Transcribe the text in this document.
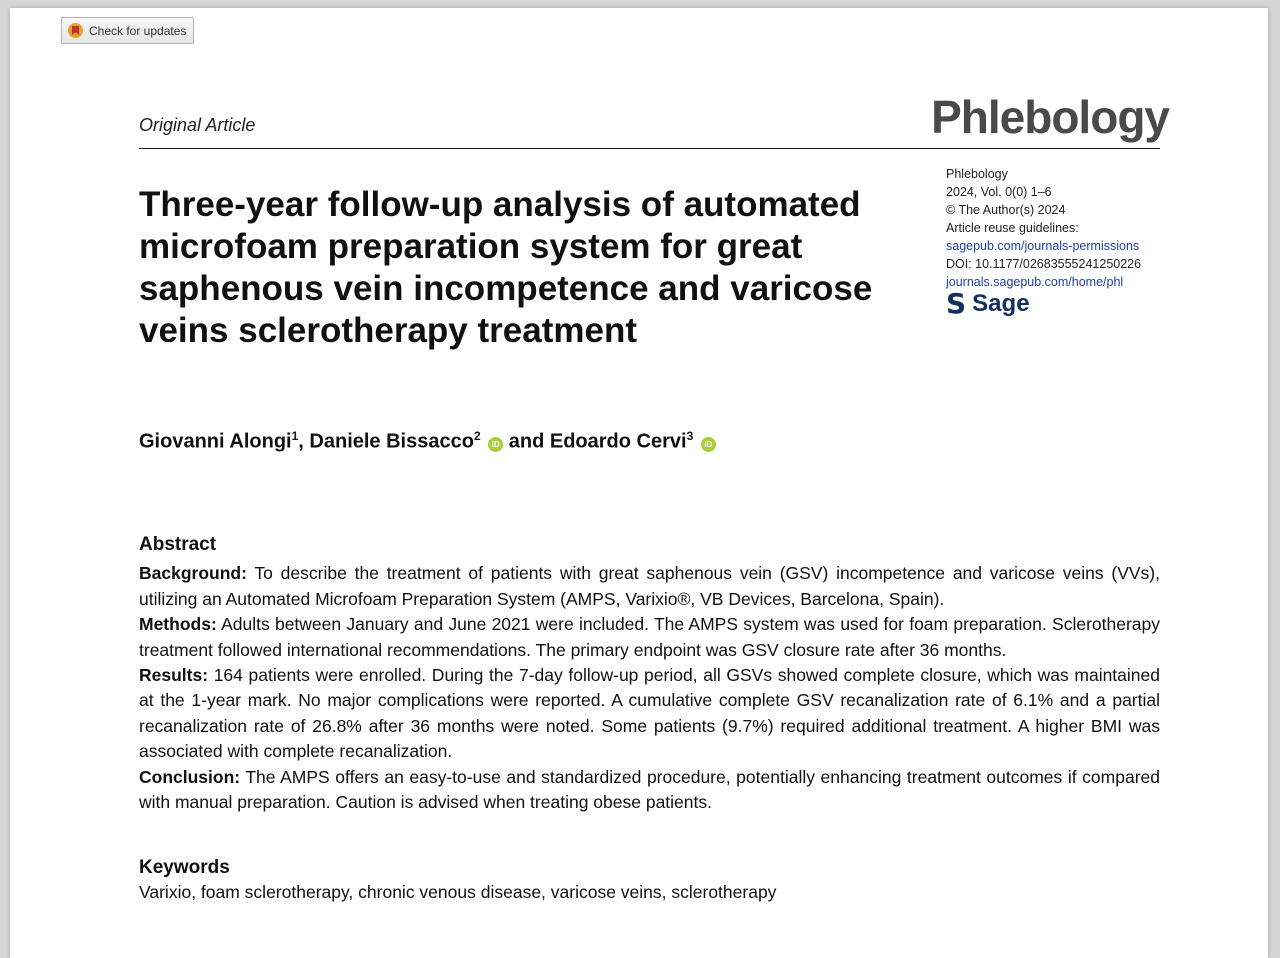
Check for updates
Original Article	Phlebology
Three-year follow-up analysis of automated microfoam preparation system for great saphenous vein incompetence and varicose veins sclerotherapy treatment
Phlebology
2024, Vol. 0(0) 1–6
© The Author(s) 2024
Article reuse guidelines:
sagepub.com/journals-permissions
DOI: 10.1177/02683555241250226
journals.sagepub.com/home/phl
S Sage
Giovanni Alongi$^1$, Daniele Bissacco$^2$ iD and Edoardo Cervi$^3$ iD
Abstract

Background: To describe the treatment of patients with great saphenous vein (GSV) incompetence and varicose veins (VVs), utilizing an Automated Microfoam Preparation System (AMPS, Varixio®, VB Devices, Barcelona, Spain).

Methods: Adults between January and June 2021 were included. The AMPS system was used for foam preparation. Sclerotherapy treatment followed international recommendations. The primary endpoint was GSV closure rate after 36 months.

Results: 164 patients were enrolled. During the 7-day follow-up period, all GSVs showed complete closure, which was maintained at the 1-year mark. No major complications were reported. A cumulative complete GSV recanalization rate of 6.1% and a partial recanalization rate of 26.8% after 36 months were noted. Some patients (9.7%) required additional treatment. A higher BMI was associated with complete recanalization.

Conclusion: The AMPS offers an easy-to-use and standardized procedure, potentially enhancing treatment outcomes if compared with manual preparation. Caution is advised when treating obese patients.

Keywords
Varixio, foam sclerotherapy, chronic venous disease, varicose veins, sclerotherapy
